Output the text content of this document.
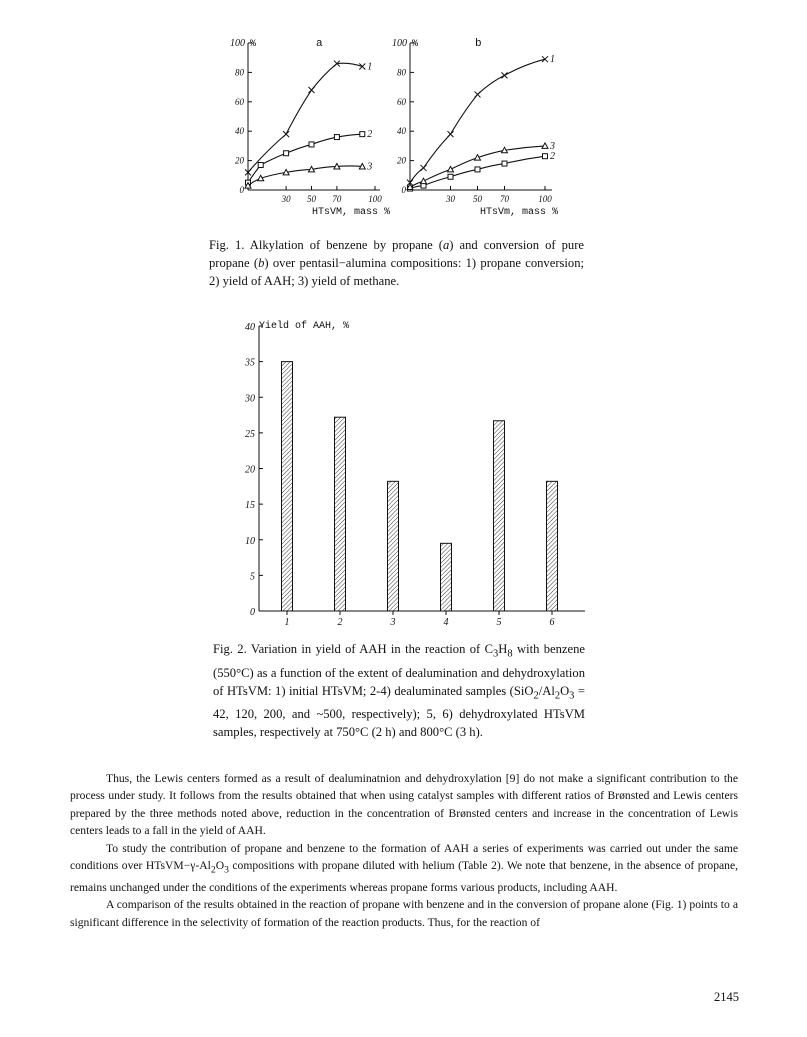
100 %	a
80
60
40
20
0
30 50 70	100
1
2
3
HTsVM, mass %
100 %	b
80
60
40
20
0
30 50 70	100
1
2
3
HTsVm, mass %
Fig. 1. Alkylation of benzene by propane (a) and conversion of pure propane (b) over pentasil−alumina compositions: 1) propane conversion; 2) yield of AAH; 3) yield of methane.
Yield of AAH, %
0
5
10
15
20
25
30
35
40
1	2	3	4	5	6
Fig. 2. Variation in yield of AAH in the reaction of $C_3H_8$ with benzene (550°C) as a function of the extent of dealumination and dehydroxylation of HTsVM: 1) initial HTsVM; 2-4) dealuminated samples ($SiO_2/Al_2O_3 = 42$, 120, 200, and ~500, respectively); 5, 6) dehydroxylated HTsVM samples, respectively at 750°C (2 h) and 800°C (3 h).

Thus, the Lewis centers formed as a result of dealuminatnion and dehydroxylation [9] do not make a significant contribution to the process under study. It follows from the results obtained that when using catalyst samples with different ratios of Brønsted and Lewis centers prepared by the three methods noted above, reduction in the concentration of Brønsted centers and increase in the concentration of Lewis centers leads to a fall in the yield of AAH.

To study the contribution of propane and benzene to the formation of AAH a series of experiments was carried out under the same conditions over $HTsVM-\gamma-Al_2O_3$ compositions with propane diluted with helium (Table 2). We note that benzene, in the absence of propane, remains unchanged under the conditions of the experiments whereas propane forms various products, including AAH.

A comparison of the results obtained in the reaction of propane with benzene and in the conversion of propane alone (Fig. 1) points to a significant difference in the selectivity of formation of the reaction products. Thus, for the reaction of

2145
